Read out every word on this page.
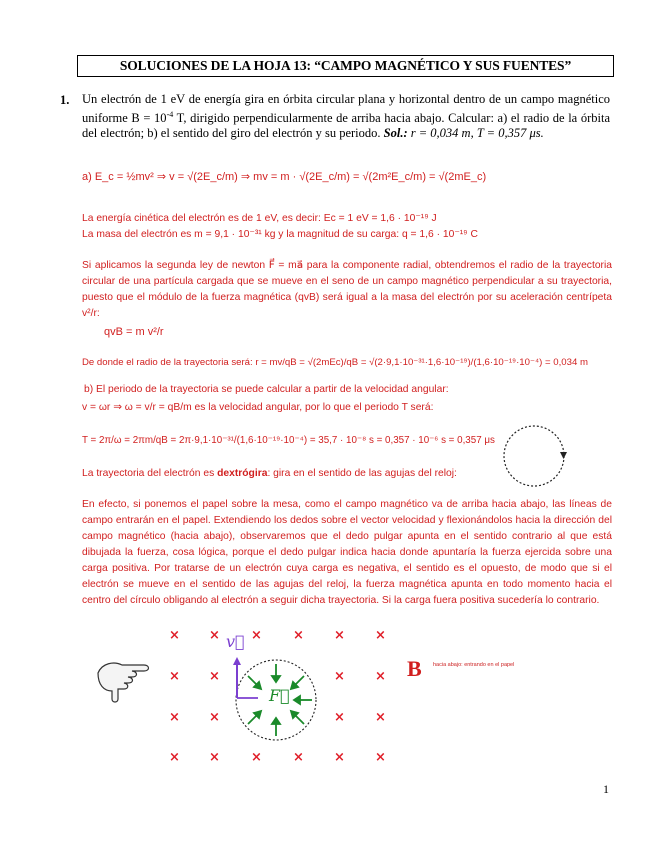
SOLUCIONES DE LA HOJA 13: “CAMPO MAGNÉTICO Y SUS FUENTES”
1. Un electrón de 1 eV de energía gira en órbita circular plana y horizontal dentro de un campo magnético uniforme $B = 10^{-4}$ T, dirigido perpendicularmente de arriba hacia abajo. Calcular: a) el radio de la órbita del electrón; b) el sentido del giro del electrón y su periodo. Sol.: r = 0,034 m, T = 0,357 μs.
a) E_c = ½mv² ⇒ v = √(2E_c/m) ⇒ mv = m · √(2E_c/m) = √(2m²E_c/m) = √(2mE_c)
La energía cinética del electrón es de 1 eV, es decir: Ec = 1 eV = 1,6 · 10⁻¹⁹ J
La masa del electrón es m = 9,1 · 10⁻³¹ kg y la magnitud de su carga: q = 1,6 · 10⁻¹⁹ C
Si aplicamos la segunda ley de newton F⃗ = ma⃗ para la componente radial, obtendremos el radio de la trayectoria circular de una partícula cargada que se mueve en el seno de un campo magnético perpendicular a su trayectoria, puesto que el módulo de la fuerza magnética (qvB) será igual a la masa del electrón por su aceleración centrípeta v²/r:
qvB = m v²/r
De donde el radio de la trayectoria será: r = mv/qB = √(2mEc)/qB = √(2·9,1·10⁻³¹·1,6·10⁻¹⁹)/(1,6·10⁻¹⁹·10⁻⁴) = 0,034 m
b) El periodo de la trayectoria se puede calcular a partir de la velocidad angular:
v = ωr ⇒ ω = v/r = qB/m es la velocidad angular, por lo que el periodo T será:
T = 2π/ω = 2πm/qB = 2π·9,1·10⁻³¹/(1,6·10⁻¹⁹·10⁻⁴) = 35,7 · 10⁻⁸ s = 0,357 · 10⁻⁶ s = 0,357 μs
La trayectoria del electrón es dextrógira: gira en el sentido de las agujas del reloj:
En efecto, si ponemos el papel sobre la mesa, como el campo magnético va de arriba hacia abajo, las líneas de campo entrarán en el papel. Extendiendo los dedos sobre el vector velocidad y flexionándolos hacia la dirección del campo magnético (hacia abajo), observaremos que el dedo pulgar apunta en el sentido contrario al que está dibujada la fuerza, cosa lógica, porque el dedo pulgar indica hacia donde apuntaría la fuerza ejercida sobre una carga positiva. Por tratarse de un electrón cuya carga es negativa, el sentido es el opuesto, de modo que si el electrón se mueve en el sentido de las agujas del reloj, la fuerza magnética apunta en todo momento hacia el centro del círculo obligando al electrón a seguir dicha trayectoria. Si la carga fuera positiva sucedería lo contrario.
× × × × × ×
× ×	× ×
× ×	× ×
× × × × × ×
v⃗
F⃗
B⃗
hacia abajo: entrando en el papel
1
